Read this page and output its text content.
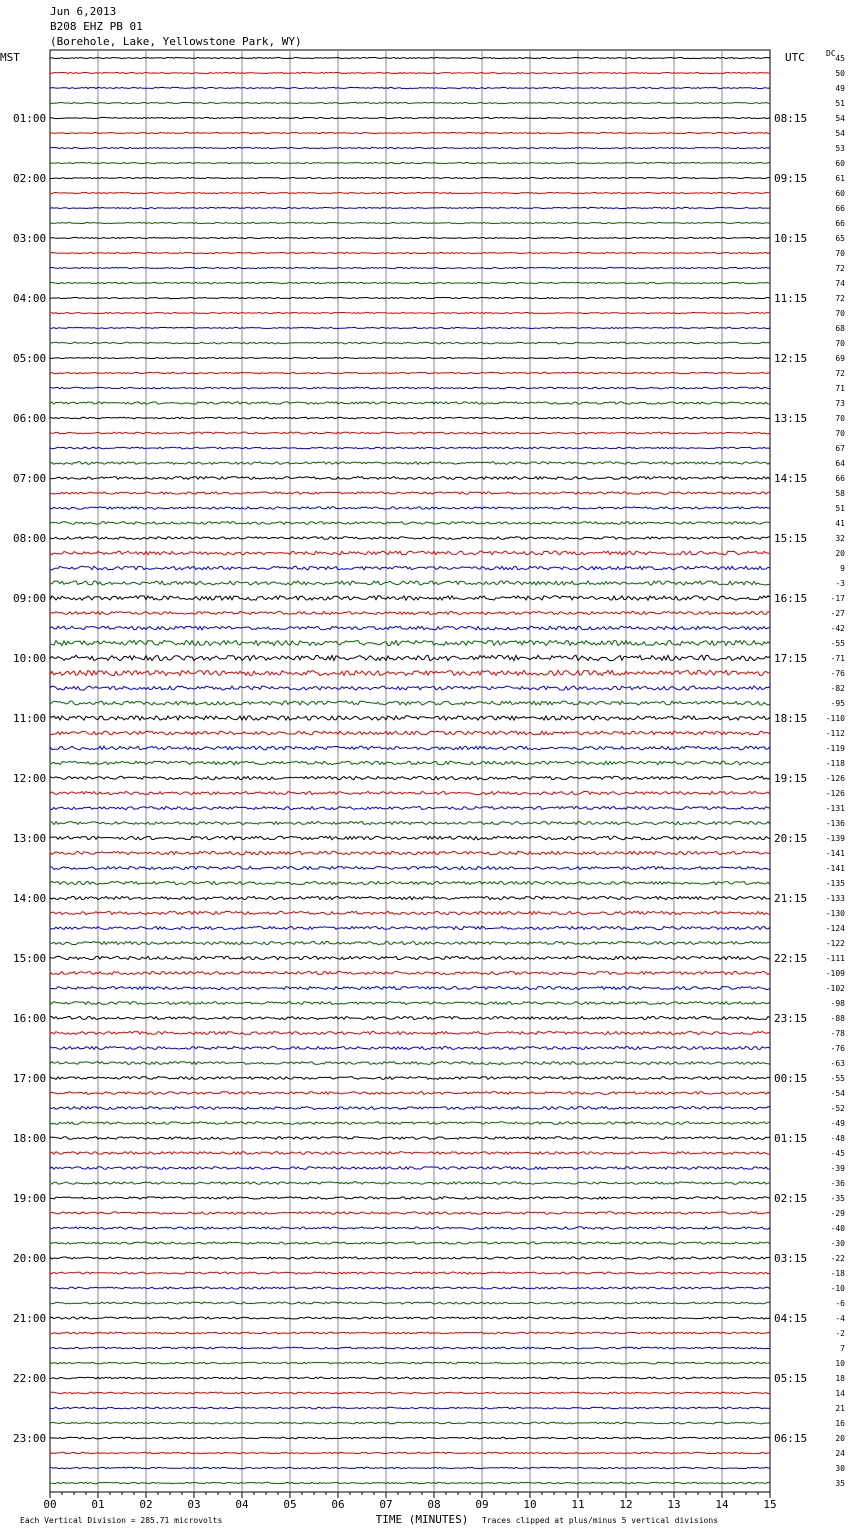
Jun 6,2013
B208 EHZ PB 01
(Borehole, Lake, Yellowstone Park, WY)
45
50
49
51
54
54
53
60
61
60
66
66
65
70
72
74
72
70
68
70
69
72
71
73
70
70
67
64
66
58
51
41
32
20
9
-3
-17
-27
-42
-55
-71
-76
-82
-95
-110
-112
-119
-118
-126
-126
-131
-136
-139
-141
-141
-135
-133
-130
-124
-122
-111
-109
-102
-98
-88
-78
-76
-63
-55
-54
-52
-49
-48
-45
-39
-36
-35
-29
-40
-30
-22
-18
-10
-6
-4
-2
7
10
18
14
21
16
20
24
30
35
DC
MST	UTC
01:00	08:15
02:00	09:15
03:00	10:15
04:00	11:15
05:00	12:15
06:00	13:15
07:00	14:15
08:00	15:15
09:00	16:15
10:00	17:15
11:00	18:15
12:00	19:15
13:00	20:15
14:00	21:15
15:00	22:15
16:00	23:15
17:00	00:15
18:00	01:15
19:00	02:15
20:00	03:15
21:00	04:15
22:00	05:15
23:00	06:15
00	01	02	03	04	05	06	07	08	09	10	11	12	13	14	15
TIME (MINUTES)
Each Vertical Division = 285.71 microvolts	Traces clipped at plus/minus 5 vertical divisions
